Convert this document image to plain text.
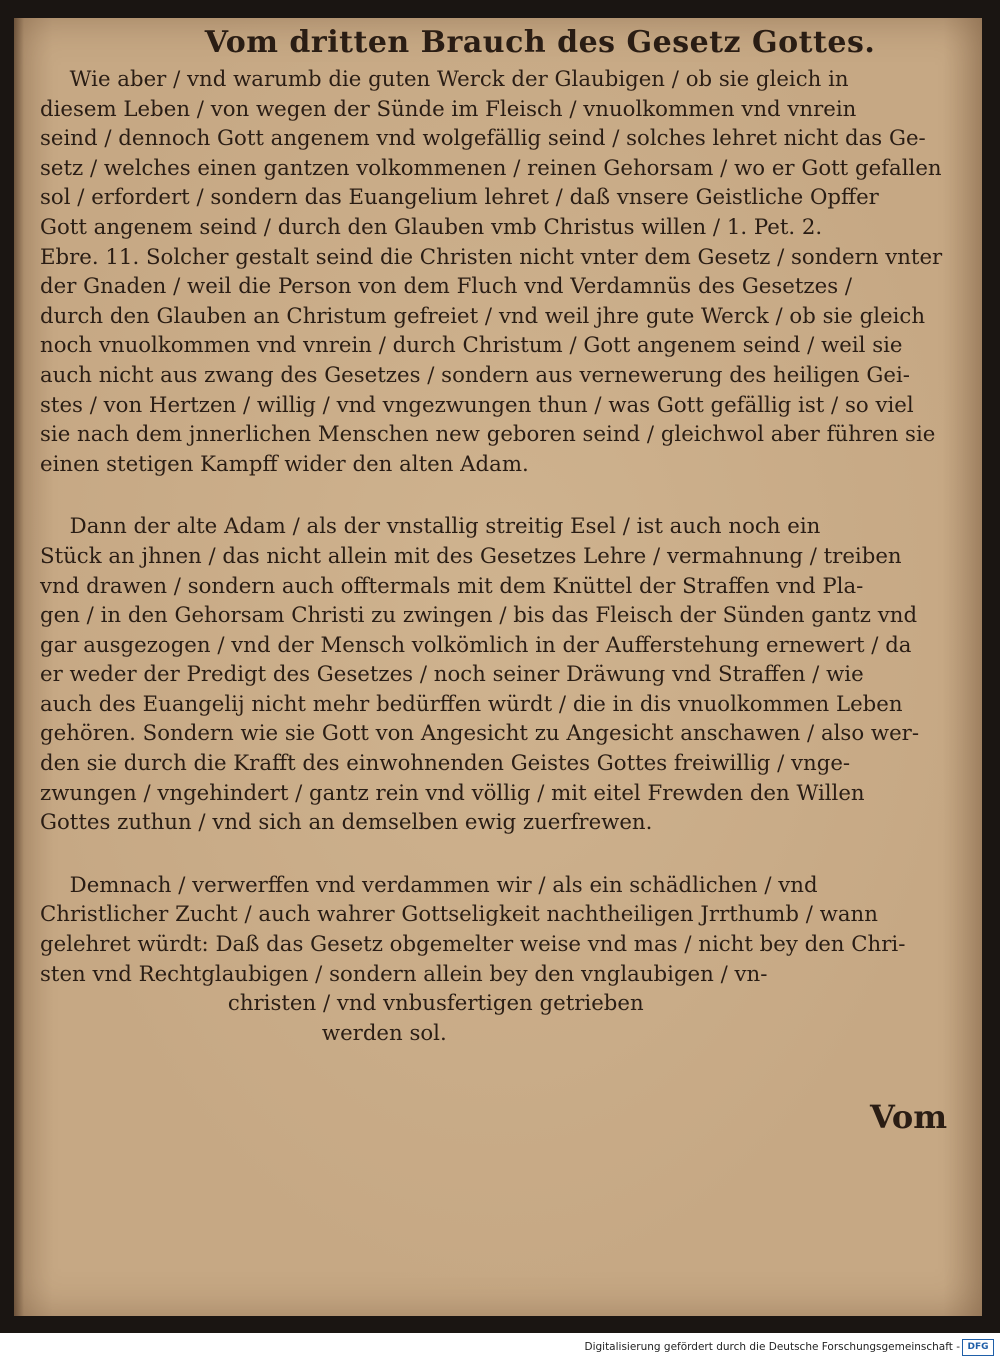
Vom dritten Brauch des Gesetz Gottes.

Wie aber / vnd warumb die guten Werck der Glaubigen / ob sie gleich in
diesem Leben / von wegen der Sünde im Fleisch / vnuolkommen vnd vnrein
seind / dennoch Gott angenem vnd wolgefällig seind / solches lehret nicht das Ge-
setz / welches einen gantzen volkommenen / reinen Gehorsam / wo er Gott gefallen
sol / erfordert / sondern das Euangelium lehret / daß vnsere Geistliche Opffer
Gott angenem seind / durch den Glauben vmb Christus willen / 1. Pet. 2.
Ebre. 11. Solcher gestalt seind die Christen nicht vnter dem Gesetz / sondern vnter
der Gnaden / weil die Person von dem Fluch vnd Verdamnüs des Gesetzes /
durch den Glauben an Christum gefreiet / vnd weil jhre gute Werck / ob sie gleich
noch vnuolkommen vnd vnrein / durch Christum / Gott angenem seind / weil sie
auch nicht aus zwang des Gesetzes / sondern aus vernewerung des heiligen Gei-
stes / von Hertzen / willig / vnd vngezwungen thun / was Gott gefällig ist / so viel
sie nach dem jnnerlichen Menschen new geboren seind / gleichwol aber führen sie
einen stetigen Kampff wider den alten Adam.

Dann der alte Adam / als der vnstallig streitig Esel / ist auch noch ein
Stück an jhnen / das nicht allein mit des Gesetzes Lehre / vermahnung / treiben
vnd drawen / sondern auch offtermals mit dem Knüttel der Straffen vnd Pla-
gen / in den Gehorsam Christi zu zwingen / bis das Fleisch der Sünden gantz vnd
gar ausgezogen / vnd der Mensch volkömlich in der Aufferstehung ernewert / da
er weder der Predigt des Gesetzes / noch seiner Dräwung vnd Straffen / wie
auch des Euangelij nicht mehr bedürffen würdt / die in dis vnuolkommen Leben
gehören. Sondern wie sie Gott von Angesicht zu Angesicht anschawen / also wer-
den sie durch die Krafft des einwohnenden Geistes Gottes freiwillig / vnge-
zwungen / vngehindert / gantz rein vnd völlig / mit eitel Frewden den Willen
Gottes zuthun / vnd sich an demselben ewig zuerfrewen.

Demnach / verwerffen vnd verdammen wir / als ein schädlichen / vnd
Christlicher Zucht / auch wahrer Gottseligkeit nachtheiligen Jrrthumb / wann
gelehret würdt: Daß das Gesetz obgemelter weise vnd mas / nicht bey den Chri-
sten vnd Rechtglaubigen / sondern allein bey den vnglaubigen / vn-
christen / vnd vnbusfertigen getrieben
werden sol.

Vom
Digitalisierung gefördert durch die Deutsche Forschungsgemeinschaft - DFG
